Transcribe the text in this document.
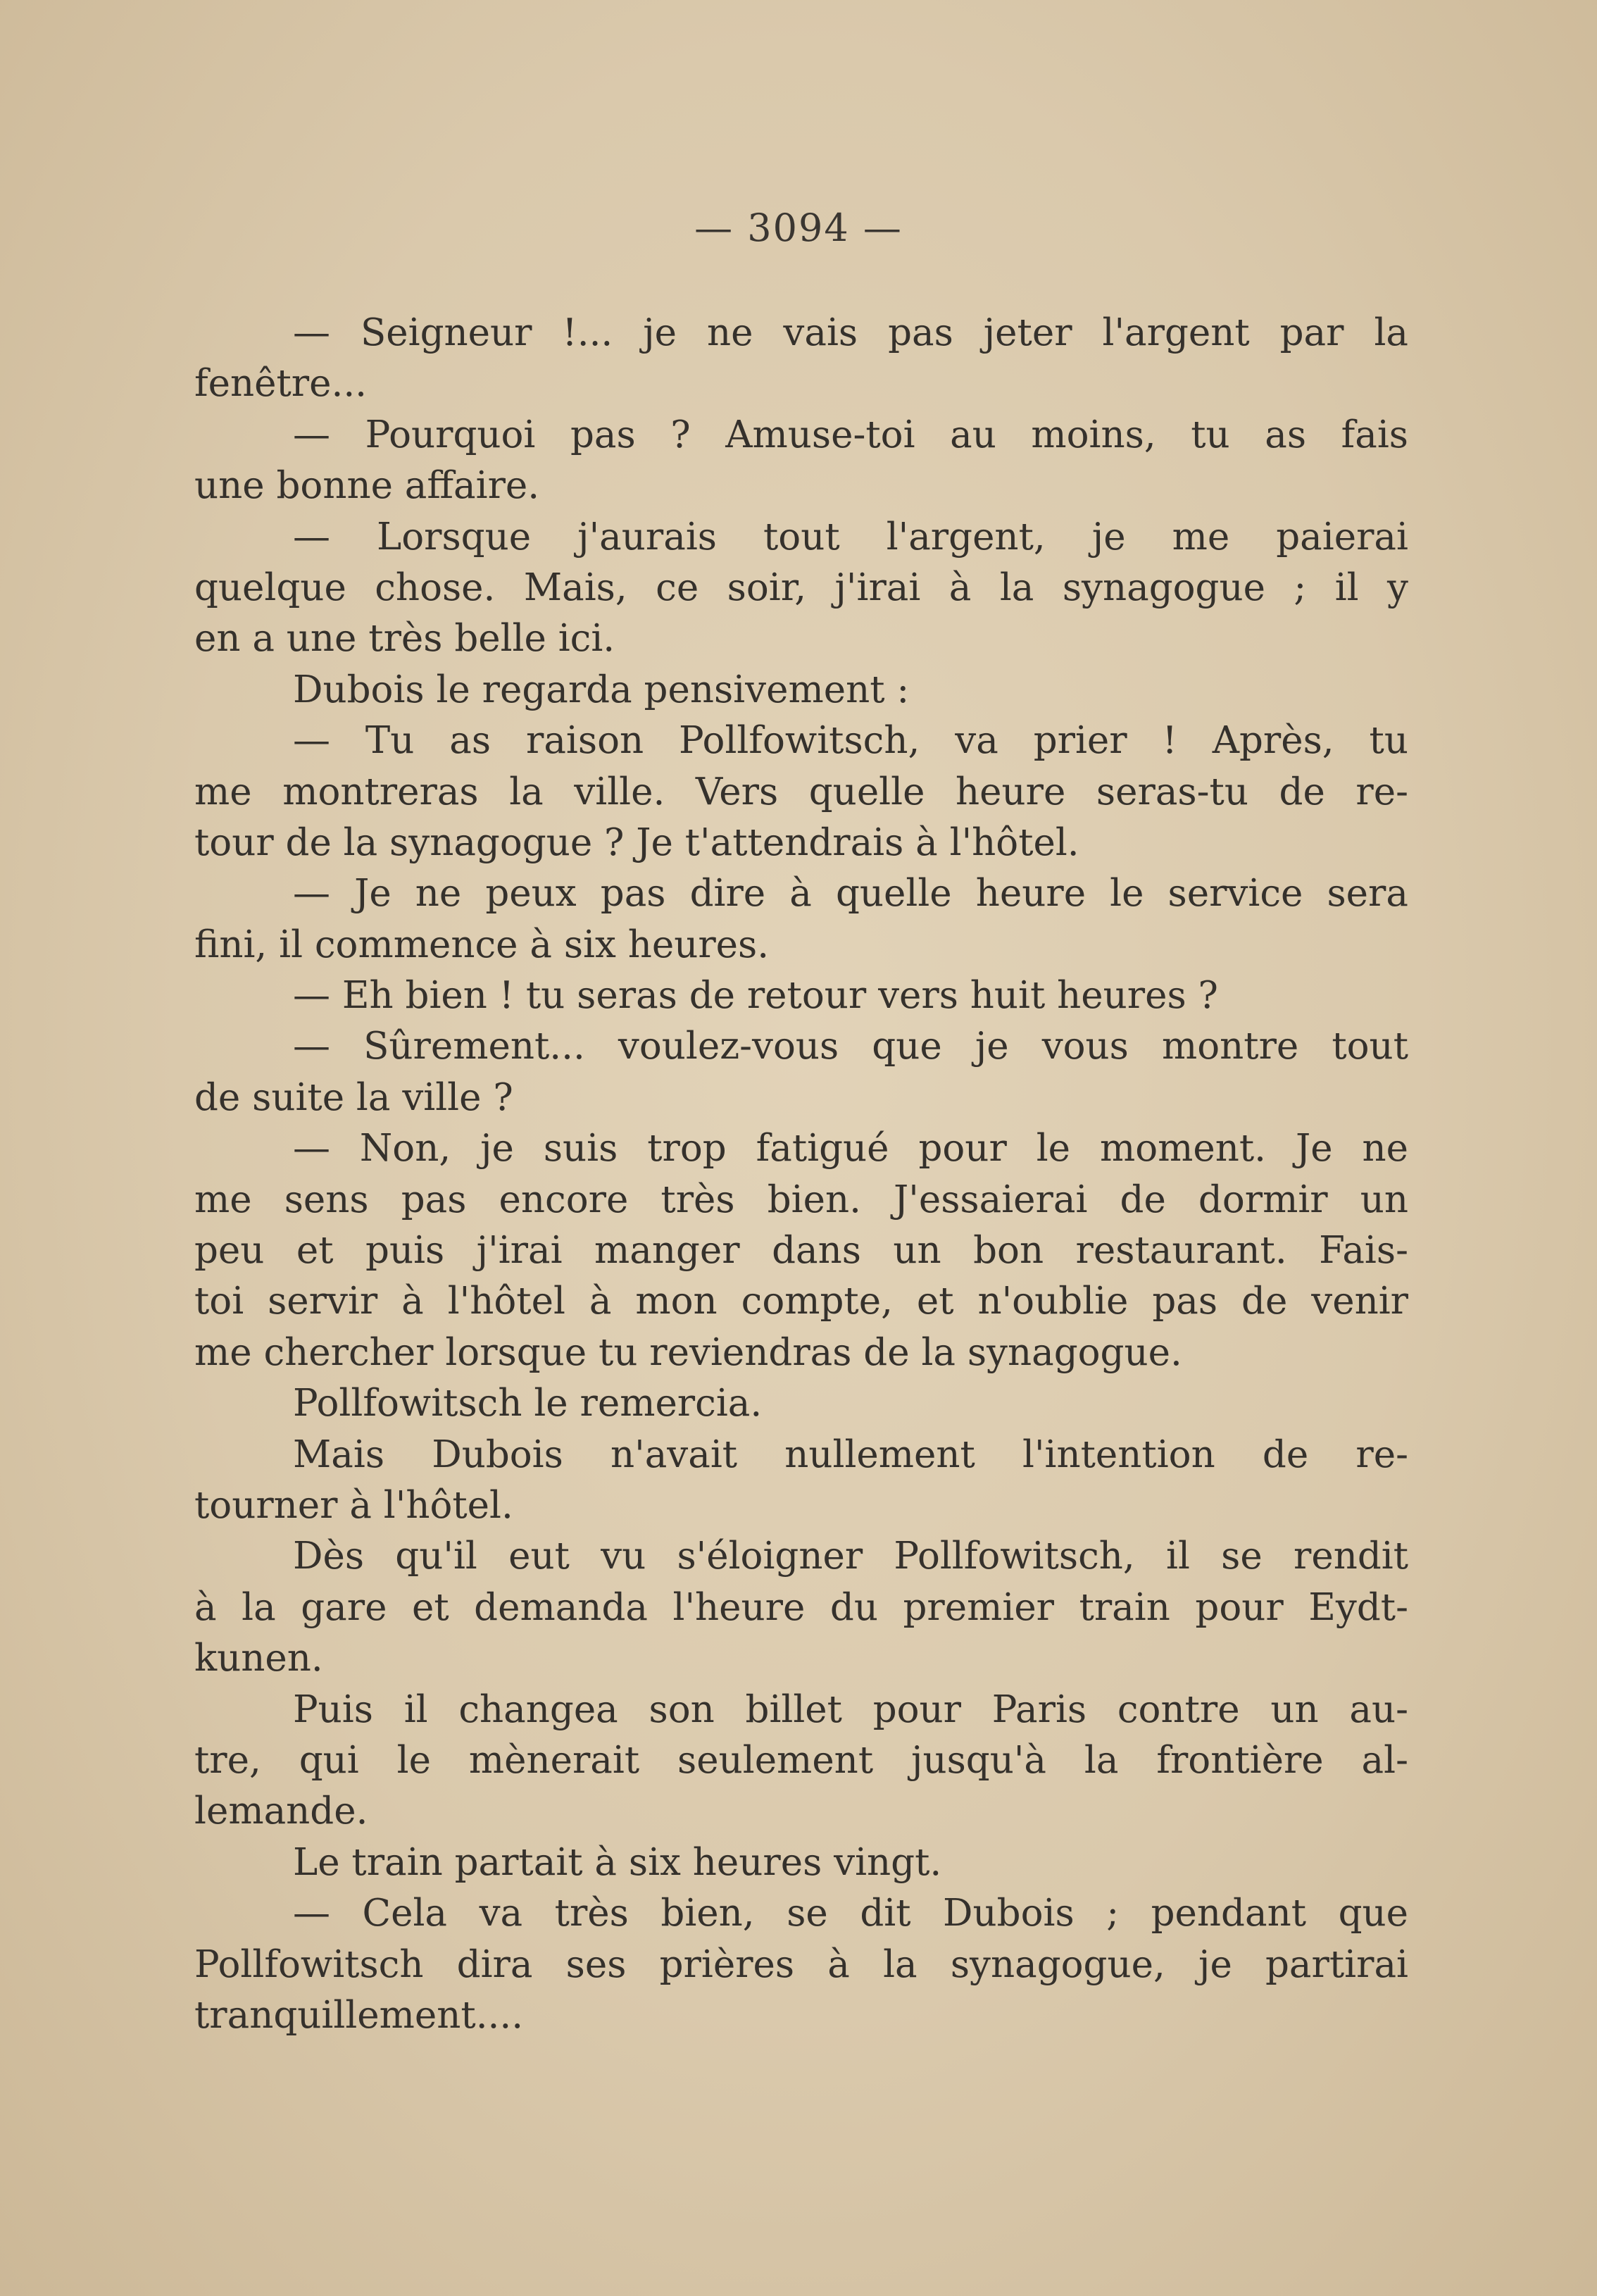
— 3094 —
— Seigneur !... je ne vais pas jeter l'argent par la
fenêtre...
— Pourquoi pas ? Amuse-toi au moins, tu as fais
une bonne affaire.
— Lorsque j'aurais tout l'argent, je me paierai
quelque chose. Mais, ce soir, j'irai à la synagogue ; il y
en a une très belle ici.
Dubois le regarda pensivement :
— Tu as raison Pollfowitsch, va prier ! Après, tu
me montreras la ville. Vers quelle heure seras-tu de re-
tour de la synagogue ? Je t'attendrais à l'hôtel.
— Je ne peux pas dire à quelle heure le service sera
fini, il commence à six heures.
— Eh bien ! tu seras de retour vers huit heures ?
— Sûrement... voulez-vous que je vous montre tout
de suite la ville ?
— Non, je suis trop fatigué pour le moment. Je ne
me sens pas encore très bien. J'essaierai de dormir un
peu et puis j'irai manger dans un bon restaurant. Fais-
toi servir à l'hôtel à mon compte, et n'oublie pas de venir
me chercher lorsque tu reviendras de la synagogue.
Pollfowitsch le remercia.
Mais Dubois n'avait nullement l'intention de re-
tourner à l'hôtel.
Dès qu'il eut vu s'éloigner Pollfowitsch, il se rendit
à la gare et demanda l'heure du premier train pour Eydt-
kunen.
Puis il changea son billet pour Paris contre un au-
tre, qui le mènerait seulement jusqu'à la frontière al-
lemande.
Le train partait à six heures vingt.
— Cela va très bien, se dit Dubois ; pendant que
Pollfowitsch dira ses prières à la synagogue, je partirai
tranquillement....
